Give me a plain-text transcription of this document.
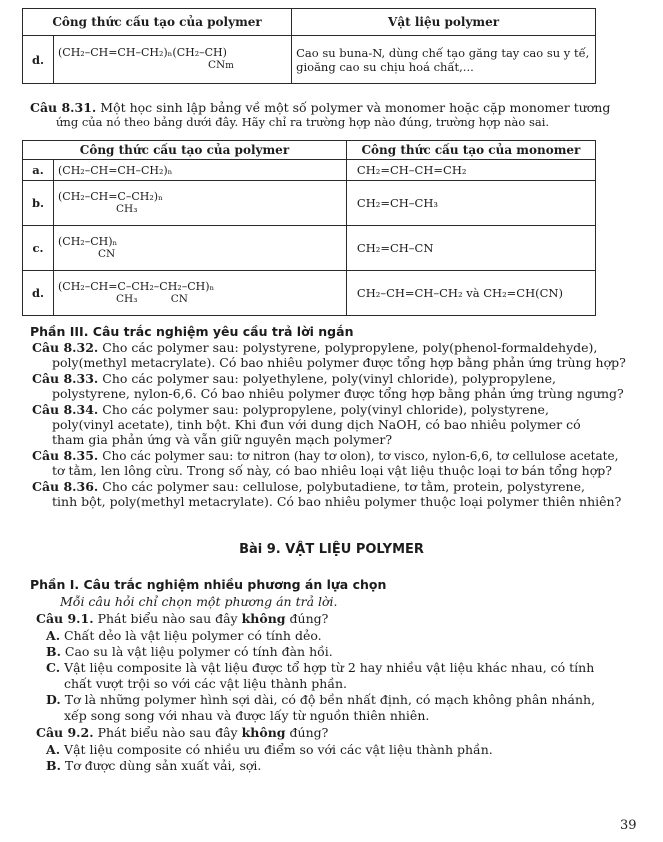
Công thức cấu tạo của polymer		Vật liệu polymer
d.	(CH₂–CH=CH–CH₂)ₙ(CH₂–CH)
CNm	Cao su buna-N, dùng chế tạo găng tay cao su y tế, gioăng cao su chịu hoá chất,...
Câu 8.31. Một học sinh lập bảng về một số polymer và monomer hoặc cặp monomer tương
ứng của nó theo bảng dưới đây. Hãy chỉ ra trường hợp nào đúng, trường hợp nào sai.
Công thức cấu tạo của polymer		Công thức cấu tạo của monomer
a.	(CH₂–CH=CH–CH₂)ₙ	CH₂=CH–CH=CH₂
b.	(CH₂–CH=C–CH₂)ₙ
CH₃	CH₂=CH–CH₃
c.	(CH₂–CH)ₙ
CN	CH₂=CH–CN
d.	(CH₂–CH=C–CH₂–CH₂–CH)ₙ
CH₃          CN	CH₂–CH=CH–CH₂ và CH₂=CH(CN)
Phần III. Câu trắc nghiệm yêu cầu trả lời ngắn
Câu 8.32. Cho các polymer sau: polystyrene, polypropylene, poly(phenol-formaldehyde),
poly(methyl metacrylate). Có bao nhiêu polymer được tổng hợp bằng phản ứng trùng hợp?
Câu 8.33. Cho các polymer sau: polyethylene, poly(vinyl chloride), polypropylene,
polystyrene, nylon-6,6. Có bao nhiêu polymer được tổng hợp bằng phản ứng trùng ngưng?
Câu 8.34. Cho các polymer sau: polypropylene, poly(vinyl chloride), polystyrene,
poly(vinyl acetate), tinh bột. Khi đun với dung dịch NaOH, có bao nhiêu polymer có
tham gia phản ứng và vẫn giữ nguyên mạch polymer?
Câu 8.35. Cho các polymer sau: tơ nitron (hay tơ olon), tơ visco, nylon-6,6, tơ cellulose acetate,
tơ tằm, len lông cừu. Trong số này, có bao nhiêu loại vật liệu thuộc loại tơ bán tổng hợp?
Câu 8.36. Cho các polymer sau: cellulose, polybutadiene, tơ tằm, protein, polystyrene,
tinh bột, poly(methyl metacrylate). Có bao nhiêu polymer thuộc loại polymer thiên nhiên?
Bài 9. VẬT LIỆU POLYMER
Phần I. Câu trắc nghiệm nhiều phương án lựa chọn
Mỗi câu hỏi chỉ chọn một phương án trả lời.
Câu 9.1. Phát biểu nào sau đây không đúng?
A. Chất dẻo là vật liệu polymer có tính dẻo.
B. Cao su là vật liệu polymer có tính đàn hồi.
C. Vật liệu composite là vật liệu được tổ hợp từ 2 hay nhiều vật liệu khác nhau, có tính
chất vượt trội so với các vật liệu thành phần.
D. Tơ là những polymer hình sợi dài, có độ bền nhất định, có mạch không phân nhánh,
xếp song song với nhau và được lấy từ nguồn thiên nhiên.
Câu 9.2. Phát biểu nào sau đây không đúng?
A. Vật liệu composite có nhiều ưu điểm so với các vật liệu thành phần.
B. Tơ được dùng sản xuất vải, sợi.
39
